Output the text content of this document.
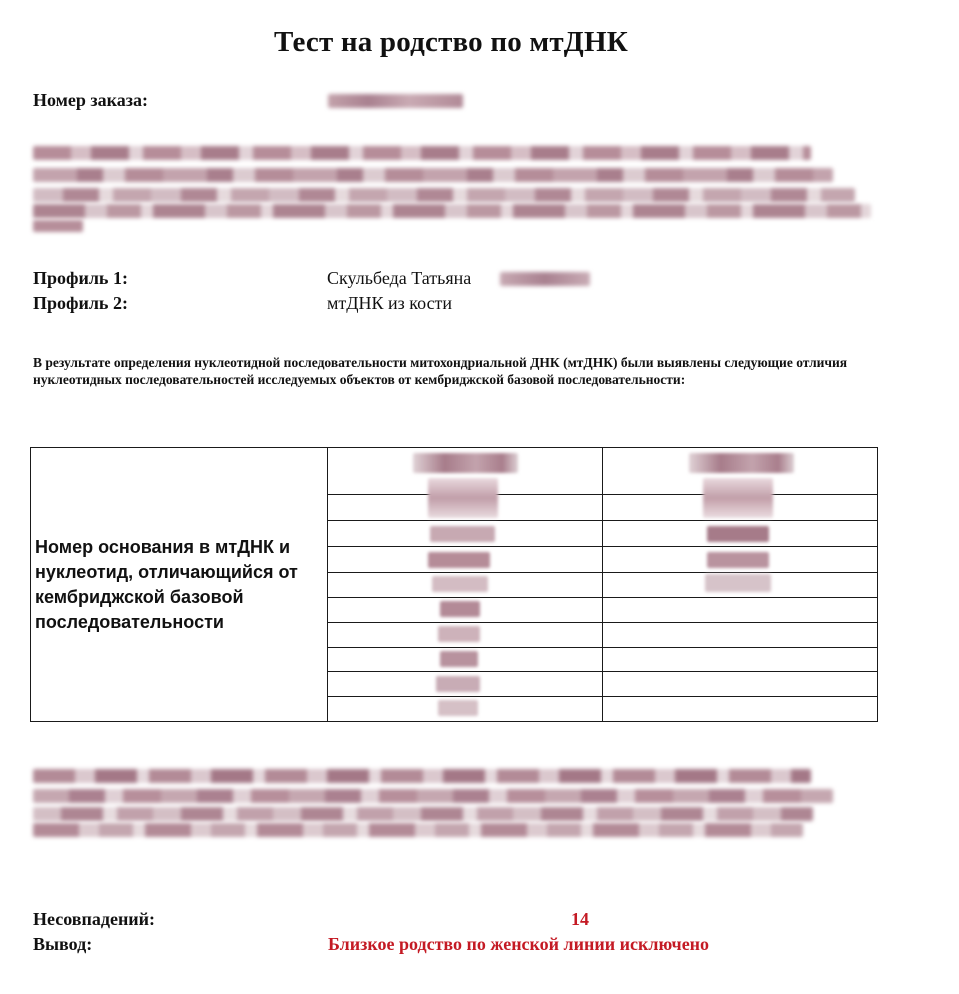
Тест на родство по мтДНК
Номер заказа:
Профиль 1:	Скульбеда Татьяна
Профиль 2:	мтДНК из кости
В результате определения нуклеотидной последовательности митохондриальной ДНК (мтДНК) были выявлены следующие отличия нуклеотидных последовательностей исследуемых объектов от кембриджской базовой последовательности:
Номер основания в мтДНК и нуклеотид, отличающийся от кембриджской базовой последовательности	

Несовпадений:	14
Вывод:	Близкое родство по женской линии исключено
